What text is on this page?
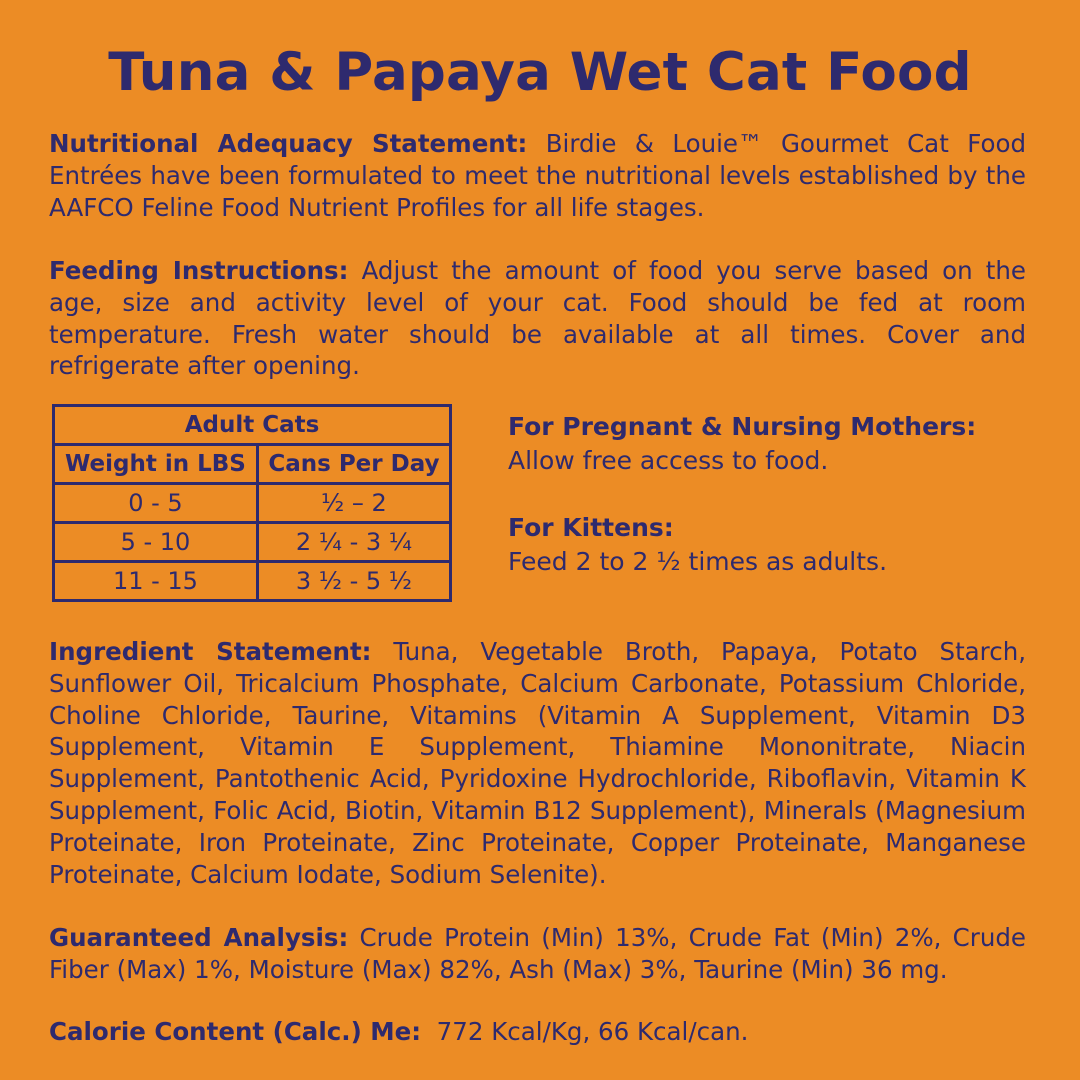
Tuna & Papaya Wet Cat Food
Nutritional Adequacy Statement: Birdie & Louie™ Gourmet Cat Food Entrées have been formulated to meet the nutritional levels established by the AAFCO Feline Food Nutrient Profiles for all life stages.
Feeding Instructions: Adjust the amount of food you serve based on the age, size and activity level of your cat. Food should be fed at room temperature. Fresh water should be available at all times. Cover and refrigerate after opening.
Adult Cats	
Weight in LBS	Cans Per Day
0 - 5	½ – 2
5 - 10	2 ¼ - 3 ¼
11 - 15	3 ½ - 5 ½
For Pregnant & Nursing Mothers:
Allow free access to food.
For Kittens:
Feed 2 to 2 ½ times as adults.
Ingredient Statement: Tuna, Vegetable Broth, Papaya, Potato Starch, Sunflower Oil, Tricalcium Phosphate, Calcium Carbonate, Potassium Chloride, Choline Chloride, Taurine, Vitamins (Vitamin A Supplement, Vitamin D3 Supplement, Vitamin E Supplement, Thiamine Mononitrate, Niacin Supplement, Pantothenic Acid, Pyridoxine Hydrochloride, Riboflavin, Vitamin K Supplement, Folic Acid, Biotin, Vitamin B12 Supplement), Minerals (Magnesium Proteinate, Iron Proteinate, Zinc Proteinate, Copper Proteinate, Manganese Proteinate, Calcium Iodate, Sodium Selenite).
Guaranteed Analysis: Crude Protein (Min) 13%, Crude Fat (Min) 2%, Crude Fiber (Max) 1%, Moisture (Max) 82%, Ash (Max) 3%, Taurine (Min) 36 mg.
Calorie Content (Calc.) Me:  772 Kcal/Kg, 66 Kcal/can.
